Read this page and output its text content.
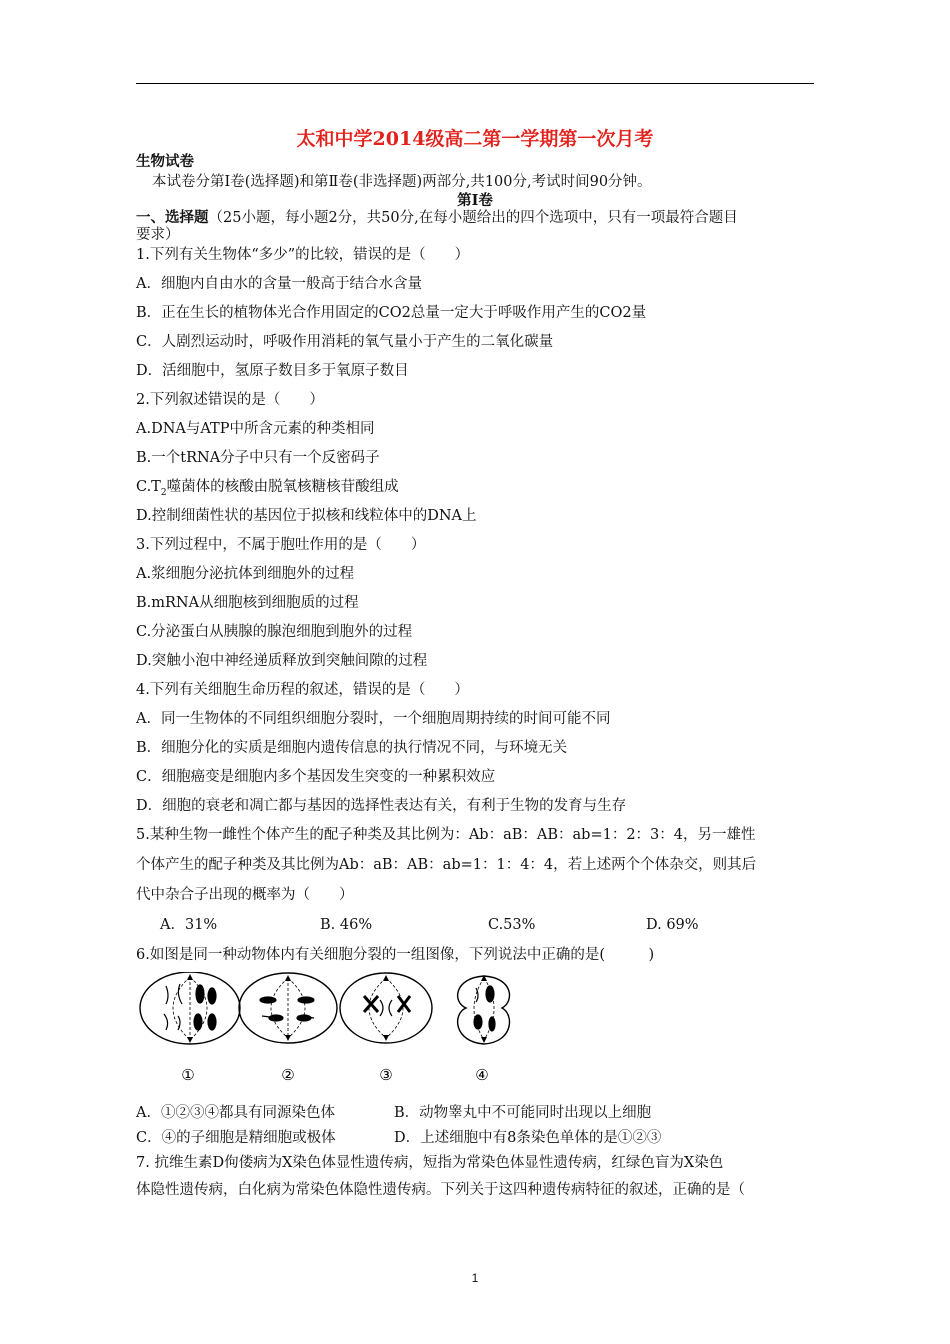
太和中学2014级高二第一学期第一次月考
生物试卷
本试卷分第Ⅰ卷(选择题)和第Ⅱ卷(非选择题)两部分,共100分,考试时间90分钟。
第Ⅰ卷
一、选择题（25小题，每小题2分，共50分,在每小题给出的四个选项中，只有一项最符合题目
要求）
1.下列有关生物体“多少”的比较，错误的是（　　）
A．细胞内自由水的含量一般高于结合水含量
B．正在生长的植物体光合作用固定的CO2总量一定大于呼吸作用产生的CO2量
C．人剧烈运动时，呼吸作用消耗的氧气量小于产生的二氧化碳量
D．活细胞中，氢原子数目多于氧原子数目
2.下列叙述错误的是（　　）
A.DNA与ATP中所含元素的种类相同
B.一个tRNA分子中只有一个反密码子
$C.T_2$噬菌体的核酸由脱氧核糖核苷酸组成
D.控制细菌性状的基因位于拟核和线粒体中的DNA上
3.下列过程中，不属于胞吐作用的是（　　）
A.浆细胞分泌抗体到细胞外的过程
B.mRNA从细胞核到细胞质的过程
C.分泌蛋白从胰腺的腺泡细胞到胞外的过程
D.突触小泡中神经递质释放到突触间隙的过程
4.下列有关细胞生命历程的叙述，错误的是（　　）
A．同一生物体的不同组织细胞分裂时，一个细胞周期持续的时间可能不同
B．细胞分化的实质是细胞内遗传信息的执行情况不同，与环境无关
C．细胞癌变是细胞内多个基因发生突变的一种累积效应
D．细胞的衰老和凋亡都与基因的选择性表达有关，有利于生物的发育与生存
5.某种生物一雌性个体产生的配子种类及其比例为：Ab：aB：AB：ab=1：2：3：4，另一雄性
个体产生的配子种类及其比例为Ab：aB：AB：ab=1：1：4：4，若上述两个个体杂交，则其后
代中杂合子出现的概率为（　　）
A．31%	B. 46%	C.53%	D. 69%
6.如图是同一种动物体内有关细胞分裂的一组图像，下列说法中正确的是(　　　)
①	②	③	④
A．①②③④都具有同源染色体	B．动物睾丸中不可能同时出现以上细胞
C．④的子细胞是精细胞或极体	D．上述细胞中有8条染色单体的是①②③
7. 抗维生素D佝偻病为X染色体显性遗传病，短指为常染色体显性遗传病，红绿色盲为X染色
体隐性遗传病，白化病为常染色体隐性遗传病。下列关于这四种遗传病特征的叙述，正确的是（
1
